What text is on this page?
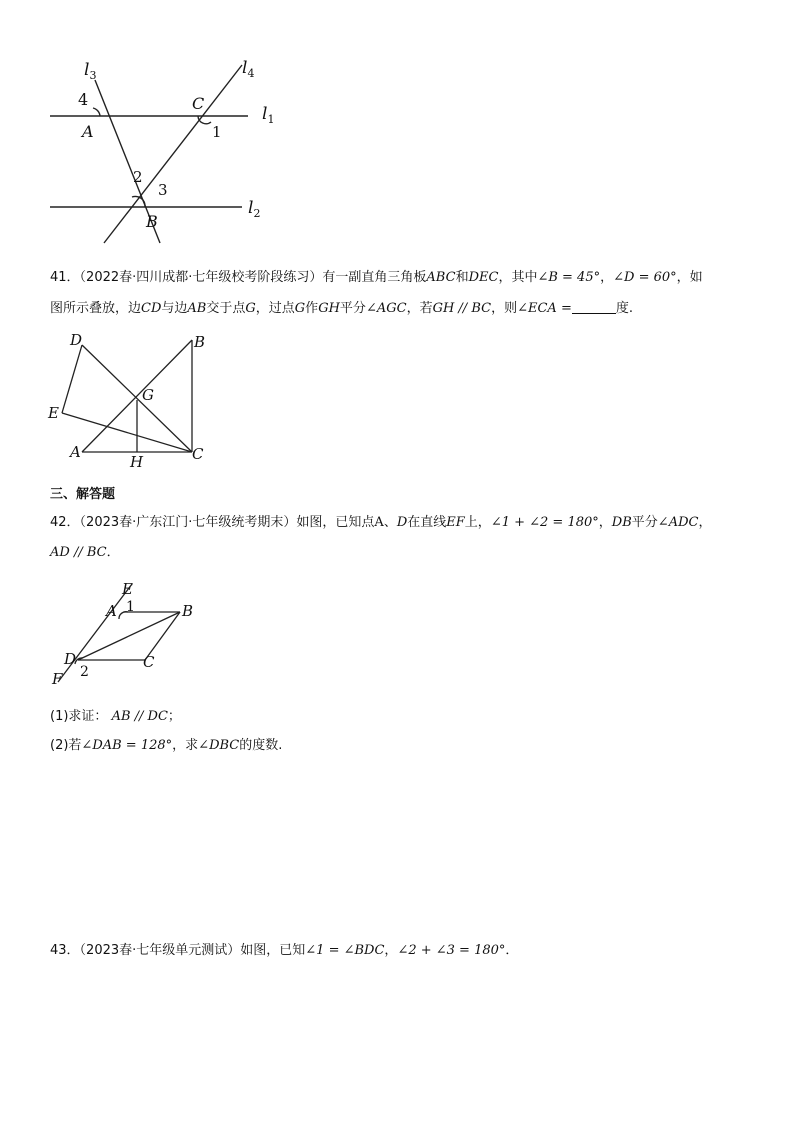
$l_3$	$l_4$
$l_1$
$l_2$
4
A
C
1
2
3
B
41．（2022春·四川成都·七年级校考阶段练习）有一副直角三角板ABC和DEC，其中∠B = 45°，∠D = 60°，如
图所示叠放，边CD与边AB交于点G，过点G作GH平分∠AGC，若GH // BC，则∠ECA =	度.
D	B
G
E
A
H	C
三、解答题
42．（2023春·广东江门·七年级统考期末）如图，已知点A、D在直线EF上，∠1 + ∠2 = 180°，DB平分∠ADC，
AD // BC．
E
A 1	B
D
2
C
F
(1)求证： AB // DC；
(2)若∠DAB = 128°，求∠DBC的度数.
43．（2023春·七年级单元测试）如图，已知∠1 = ∠BDC，∠2 + ∠3 = 180°．
